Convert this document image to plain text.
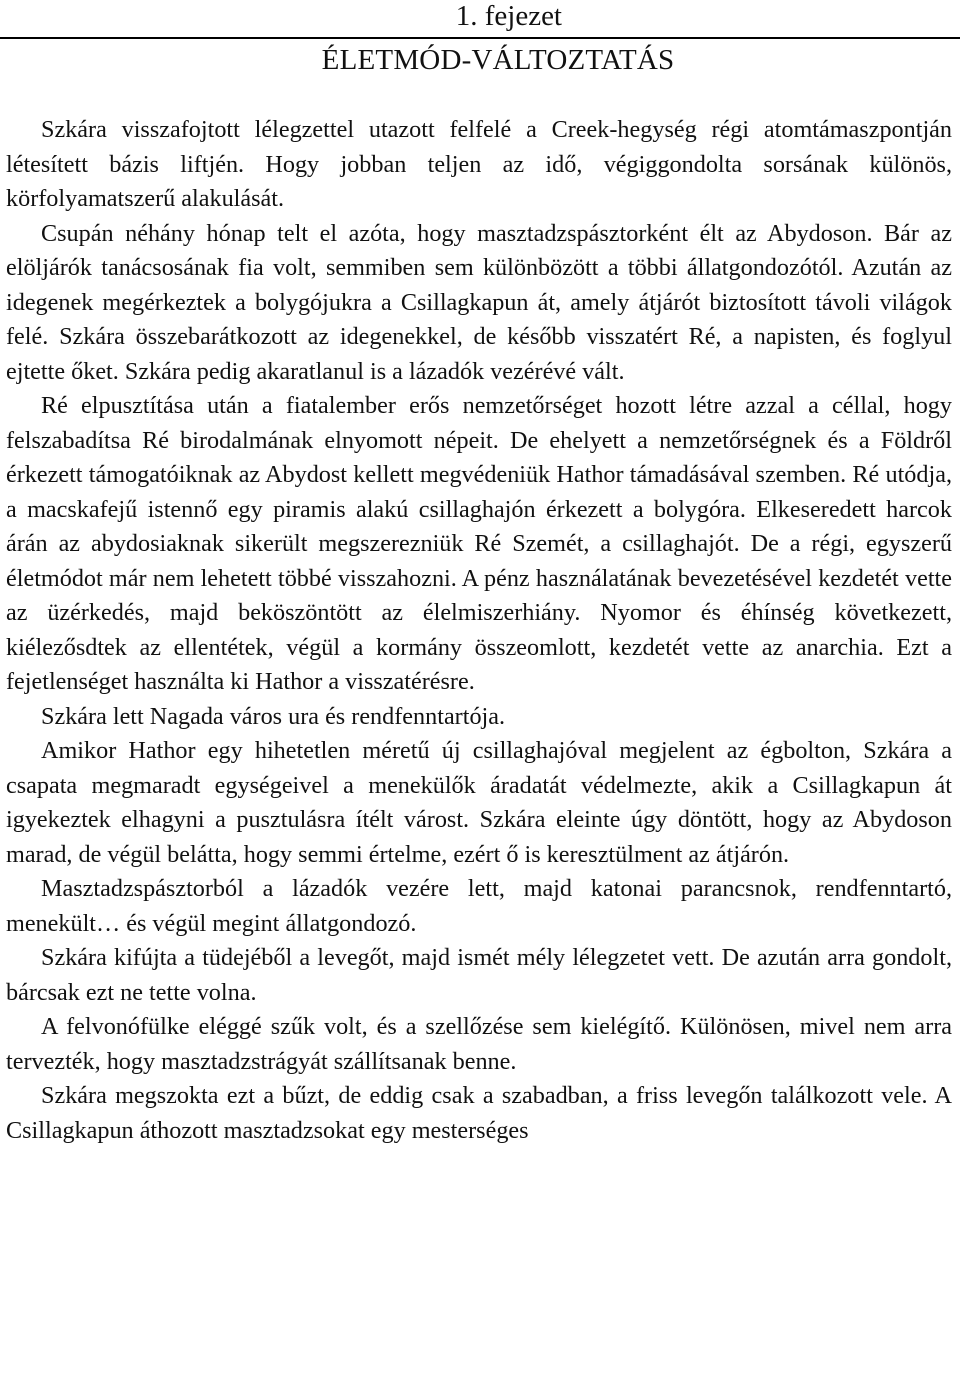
1. fejezet
ÉLETMÓD-VÁLTOZTATÁS

Szkára visszafojtott lélegzettel utazott felfelé a Creek-hegység régi atomtámaszpontján létesített bázis liftjén. Hogy jobban teljen az idő, végiggondolta sorsának különös, körfolyamatszerű alakulását.

Csupán néhány hónap telt el azóta, hogy masztadzspásztorként élt az Abydoson. Bár az elöljárók tanácsosának fia volt, semmiben sem különbözött a többi állatgondozótól. Azután az idegenek megérkeztek a bolygójukra a Csillagkapun át, amely átjárót biztosított távoli világok felé. Szkára összebarátkozott az idegenekkel, de később visszatért Ré, a napisten, és foglyul ejtette őket. Szkára pedig akaratlanul is a lázadók vezérévé vált.

Ré elpusztítása után a fiatalember erős nemzetőrséget hozott létre azzal a céllal, hogy felszabadítsa Ré birodalmának elnyomott népeit. De ehelyett a nemzetőrségnek és a Földről érkezett támogatóiknak az Abydost kellett megvédeniük Hathor támadásával szemben. Ré utódja, a macskafejű istennő egy piramis alakú csillaghajón érkezett a bolygóra. Elkeseredett harcok árán az abydosiaknak sikerült megszerezniük Ré Szemét, a csillaghajót. De a régi, egyszerű életmódot már nem lehetett többé visszahozni. A pénz használatának bevezetésével kezdetét vette az üzérkedés, majd beköszöntött az élelmiszerhiány. Nyomor és éhínség következett, kiélezősdtek az ellentétek, végül a kormány összeomlott, kezdetét vette az anarchia. Ezt a fejetlenséget használta ki Hathor a visszatérésre.

Szkára lett Nagada város ura és rendfenntartója.

Amikor Hathor egy hihetetlen méretű új csillaghajóval megjelent az égbolton, Szkára a csapata megmaradt egységeivel a menekülők áradatát védelmezte, akik a Csillagkapun át igyekeztek elhagyni a pusztulásra ítélt várost. Szkára eleinte úgy döntött, hogy az Abydoson marad, de végül belátta, hogy semmi értelme, ezért ő is keresztülment az átjárón.

Masztadzspásztorból a lázadók vezére lett, majd katonai parancsnok, rendfenntartó, menekült… és végül megint állatgondozó.

Szkára kifújta a tüdejéből a levegőt, majd ismét mély lélegzetet vett. De azután arra gondolt, bárcsak ezt ne tette volna.

A felvonófülke eléggé szűk volt, és a szellőzése sem kielégítő. Különösen, mivel nem arra tervezték, hogy masztadzstrágyát szállítsanak benne.

Szkára megszokta ezt a bűzt, de eddig csak a szabadban, a friss levegőn találkozott vele. A Csillagkapun áthozott masztadzsokat egy mesterséges
